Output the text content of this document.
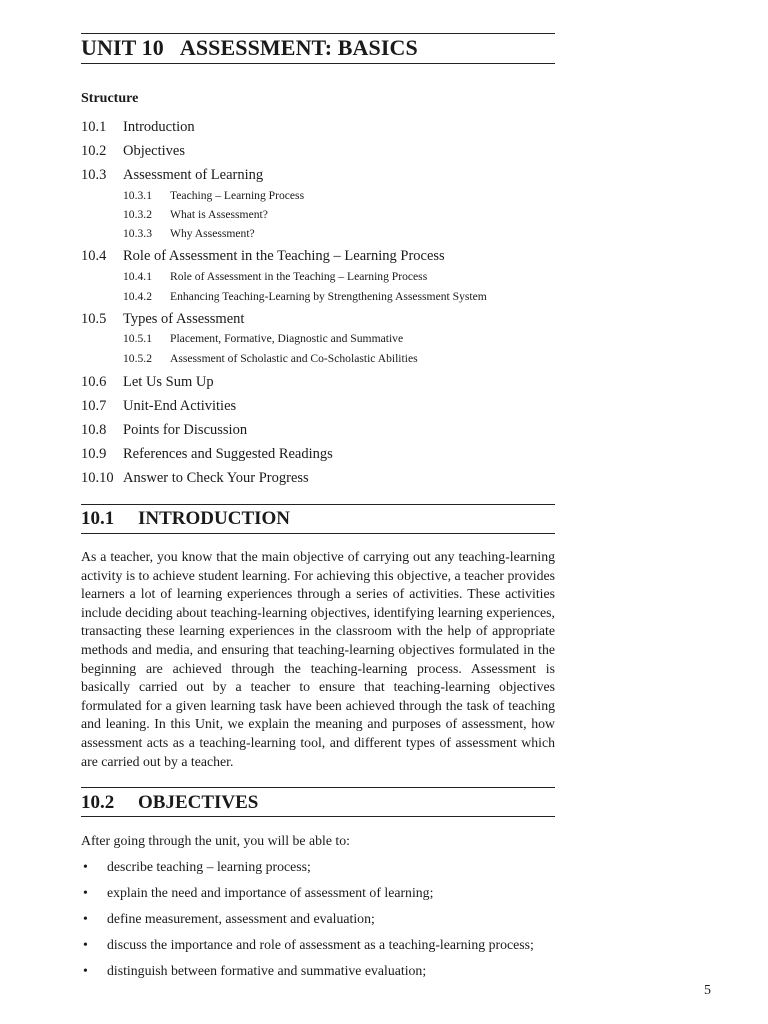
UNIT 10 ASSESSMENT: BASICS
Structure
10.1 Introduction
10.2 Objectives
10.3 Assessment of Learning
10.3.1 Teaching – Learning Process
10.3.2 What is Assessment?
10.3.3 Why Assessment?
10.4 Role of Assessment in the Teaching – Learning Process
10.4.1 Role of Assessment in the Teaching – Learning Process
10.4.2 Enhancing Teaching-Learning by Strengthening Assessment System
10.5 Types of Assessment
10.5.1 Placement, Formative, Diagnostic and Summative
10.5.2 Assessment of Scholastic and Co-Scholastic Abilities
10.6 Let Us Sum Up
10.7 Unit-End Activities
10.8 Points for Discussion
10.9 References and Suggested Readings
10.10 Answer to Check Your Progress
10.1 INTRODUCTION
As a teacher, you know that the main objective of carrying out any teaching-learning activity is to achieve student learning. For achieving this objective, a teacher provides learners a lot of learning experiences through a series of activities. These activities include deciding about teaching-learning objectives, identifying learning experiences, transacting these learning experiences in the classroom with the help of appropriate methods and media, and ensuring that teaching-learning objectives formulated in the beginning are achieved through the teaching-learning process. Assessment is basically carried out by a teacher to ensure that teaching-learning objectives formulated for a given learning task have been achieved through the task of teaching and leaning. In this Unit, we explain the meaning and purposes of assessment, how assessment acts as a teaching-learning tool, and different types of assessment which are carried out by a teacher.
10.2 OBJECTIVES
After going through the unit, you will be able to:
• describe teaching – learning process;
• explain the need and importance of assessment of learning;
• define measurement, assessment and evaluation;
• discuss the importance and role of assessment as a teaching-learning process;
• distinguish between formative and summative evaluation;
5
